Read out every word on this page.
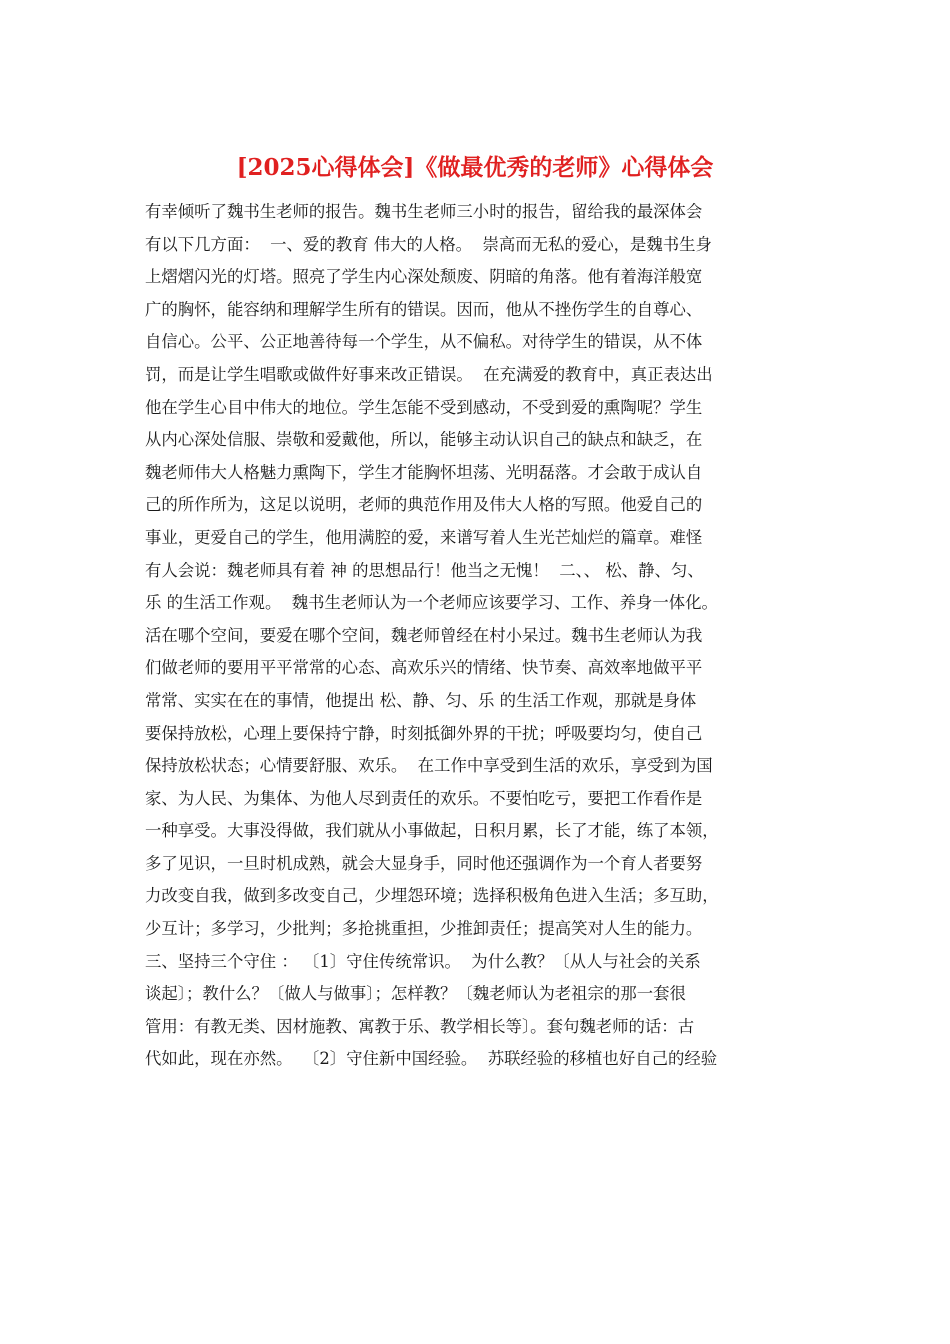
[2025心得体会]《做最优秀的老师》心得体会
有幸倾听了魏书生老师的报告。魏书生老师三小时的报告，留给我的最深体会
有以下几方面：  一、爱的教育 伟大的人格。  崇高而无私的爱心，是魏书生身
上熠熠闪光的灯塔。照亮了学生内心深处颓废、阴暗的角落。他有着海洋般宽
广的胸怀，能容纳和理解学生所有的错误。因而，他从不挫伤学生的自尊心、
自信心。公平、公正地善待每一个学生，从不偏私。对待学生的错误，从不体
罚，而是让学生唱歌或做件好事来改正错误。  在充满爱的教育中，真正表达出
他在学生心目中伟大的地位。学生怎能不受到感动，不受到爱的熏陶呢？学生
从内心深处信服、崇敬和爱戴他，所以，能够主动认识自己的缺点和缺乏，在
魏老师伟大人格魅力熏陶下，学生才能胸怀坦荡、光明磊落。才会敢于成认自
己的所作所为，这足以说明，老师的典范作用及伟大人格的写照。他爱自己的
事业，更爱自己的学生，他用满腔的爱，来谱写着人生光芒灿烂的篇章。难怪
有人会说：魏老师具有着 神 的思想品行！他当之无愧！  二、、 松、静、匀、
乐 的生活工作观。  魏书生老师认为一个老师应该要学习、工作、养身一体化。
活在哪个空间，要爱在哪个空间，魏老师曾经在村小呆过。魏书生老师认为我
们做老师的要用平平常常的心态、高欢乐兴的情绪、快节奏、高效率地做平平
常常、实实在在的事情，他提出 松、静、匀、乐 的生活工作观，那就是身体
要保持放松，心理上要保持宁静，时刻抵御外界的干扰；呼吸要均匀，使自己
保持放松状态；心情要舒服、欢乐。  在工作中享受到生活的欢乐，享受到为国
家、为人民、为集体、为他人尽到责任的欢乐。不要怕吃亏，要把工作看作是
一种享受。大事没得做，我们就从小事做起，日积月累，长了才能，练了本领，
多了见识，一旦时机成熟，就会大显身手，同时他还强调作为一个育人者要努
力改变自我，做到多改变自己，少埋怨环境；选择积极角色进入生活；多互助，
少互计；多学习，少批判；多抢挑重担，少推卸责任；提高笑对人生的能力。
三、坚持三个守住 ： 〔1〕守住传统常识。  为什么教？〔从人与社会的关系
谈起〕；教什么？〔做人与做事〕；怎样教？〔魏老师认为老祖宗的那一套很
管用：有教无类、因材施教、寓教于乐、教学相长等〕。套句魏老师的话：古
代如此，现在亦然。  〔2〕守住新中国经验。  苏联经验的移植也好自己的经验
